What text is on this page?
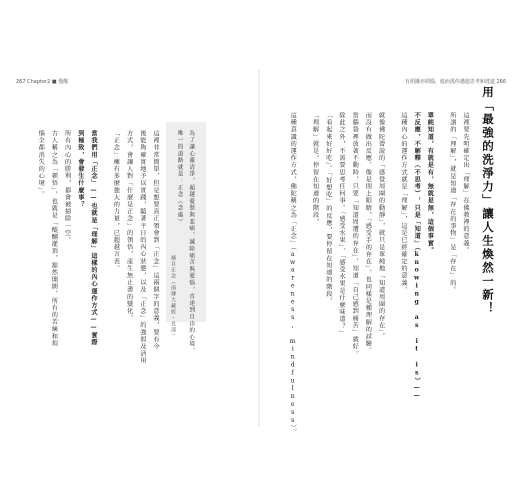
267 Chapter2 ■ 覺醒	有煩擾亦煩惱，進而孤你邁進思考和逃道 266
用「最強的洗淨力」讓人生煥然一新！
這裡要先明確定出「理解」在佛教裡的意義。
所謂的「理解」，就是知道「存在的事物」是「存在」的。
單純知道，有就是有，無就是無，這個事實。
不反應，不解釋（不思考），只是「知道」（knowing as it is）——
這種內心的運作方式就是「理解」，這是已經確定的意義。
就像佛陀曾說的「感覺周圍的動靜」，就只是單純地「知道周圍的存在」。
而沒有做出反應。像是閉上眼睛，「感受手的存在」，也同樣是種理解的試驗。
當腦袋裡放著不動時，只要「知道周遭的存在」，知道「自己感到痛苦」就好。
除此之外，不需要思考任何事。「感受水果」、「感受水果是什麼味道？」
「看起來好好吃」、「好想吃」的反應，要停留在知道的階段。
「理解」就是，停留在知道的階段。
這種意識的運作方式，佛陀稱之為「正念」（awareness, mindfulness）。
為了讓心靈清淨，超越憂愁與悲痛，滅除痛苦與憂惱，直達到自由的心境，
唯一的道路就是：正念（念處）
摘自正念（南傳大藏經・長部）
這裡非常簡單，但是想要真正領會到「正念」這兩個字的意義，要有今
後能夠確實地予以實踐，隨著平日的內心狀態，以及「正念」的強弱及活用
方式，會讓人對「什麼是正念」的領悟，產生無止盡的變化。
「正念」擁有多麼強大的力量，已超越言表。
當我們用「正念」——也就是「理解」這樣的內心運作方式——實際
到極致，會發生什麼事？
所有內心的勝利，都會被掃除一空。
古人稱之為「頓悟」，也就是「醍醐灌頂，豁然開朗，所有的苦痛和煩
惱全都消失的心境」。
